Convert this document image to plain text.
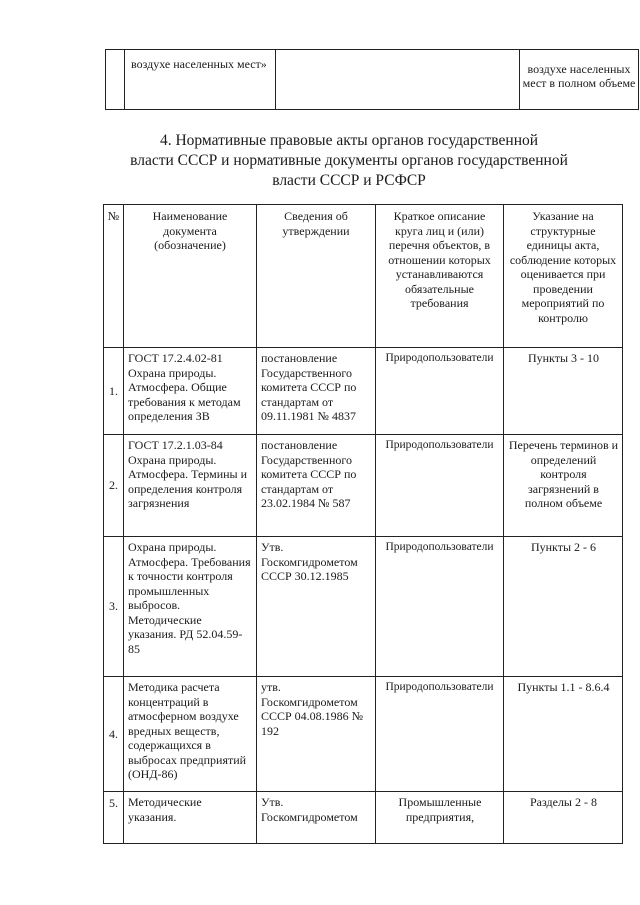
	воздухе населенных мест»		воздухе населенных мест в полном объеме
4. Нормативные правовые акты органов государственной
власти СССР и нормативные документы органов государственной
власти СССР и РСФСР
№	Наименование документа (обозначение)	Сведения об утверждении	Краткое описание круга лиц и (или) перечня объектов, в отношении которых устанавливаются обязательные требования	Указание на структурные единицы акта, соблюдение которых оценивается при проведении мероприятий по контролю
1.	ГОСТ 17.2.4.02-81 Охрана природы. Атмосфера. Общие требования к методам определения ЗВ	постановление Государственного комитета СССР по стандартам от 09.11.1981 № 4837	Природопользователи	Пункты 3 - 10
2.	ГОСТ 17.2.1.03-84 Охрана природы. Атмосфера. Термины и определения контроля загрязнения	постановление Государственного комитета СССР по стандартам от 23.02.1984 № 587	Природопользователи	Перечень терминов и определений контроля загрязнений в полном объеме
3.	Охрана природы. Атмосфера. Требования к точности контроля промышленных выбросов. Методические указания. РД 52.04.59-85	Утв. Госкомгидрометом СССР 30.12.1985	Природопользователи	Пункты 2 - 6
4.	Методика расчета концентраций в атмосферном воздухе вредных веществ, содержащихся в выбросах предприятий (ОНД-86)	утв. Госкомгидрометом СССР 04.08.1986 № 192	Природопользователи	Пункты 1.1 - 8.6.4
5.	Методические указания.	Утв. Госкомгидрометом	Промышленные предприятия,	Разделы 2 - 8
